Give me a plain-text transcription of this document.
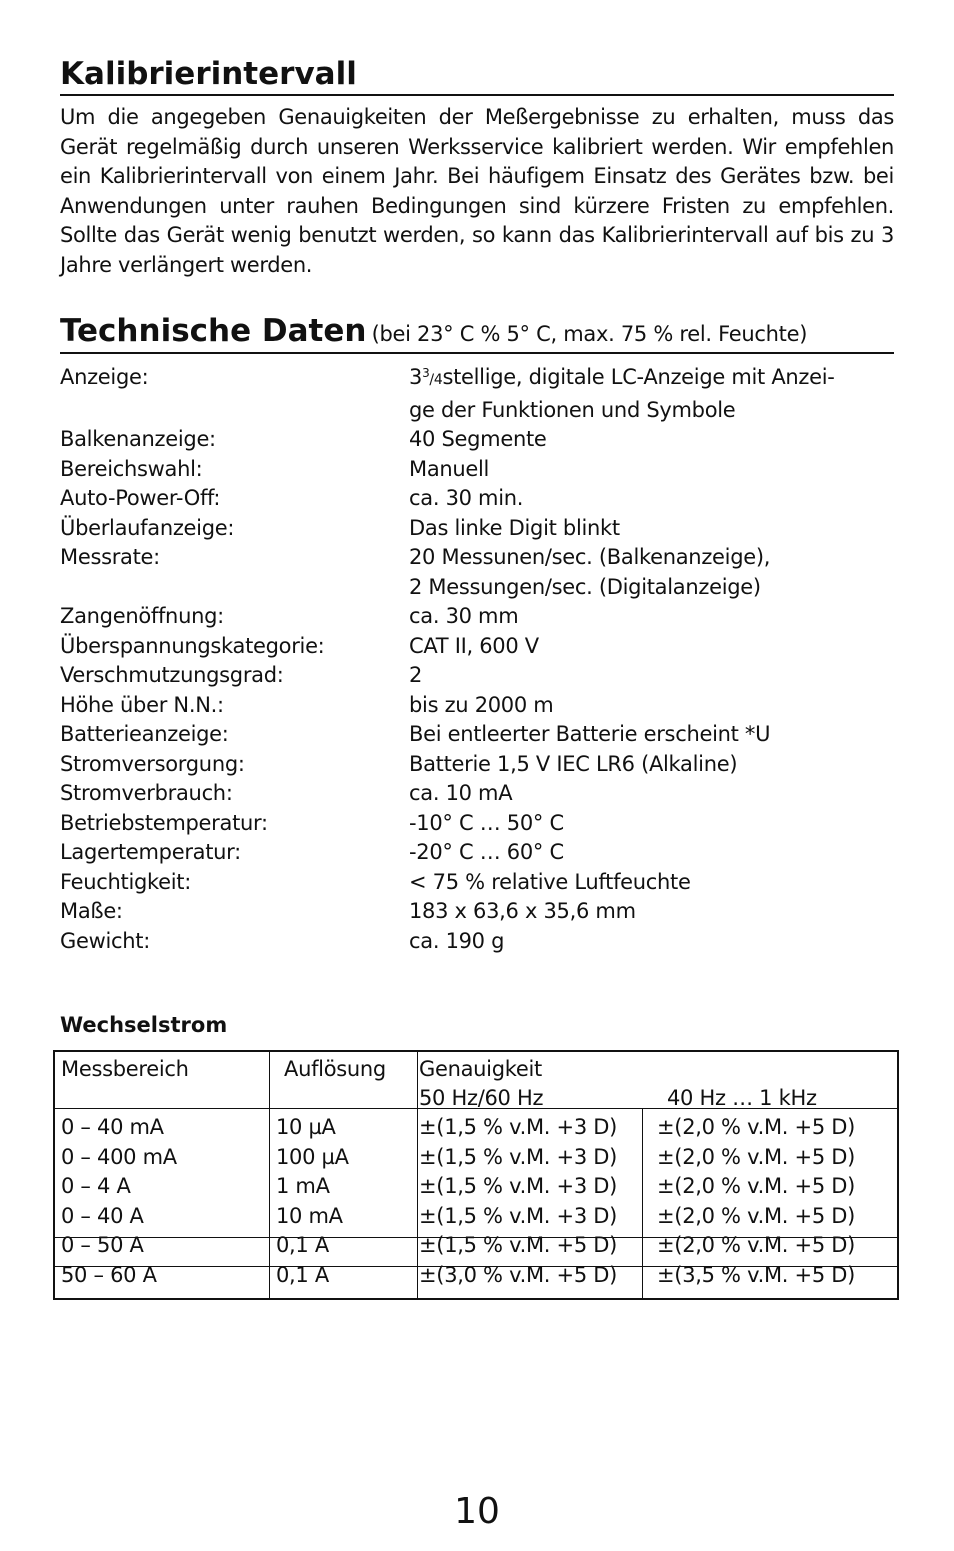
Kalibrierintervall
Um die angegeben Genauigkeiten der Meßergebnisse zu erhalten, muss das Gerät regelmäßig durch unseren Werksservice kalibriert werden. Wir empfehlen ein Kalibrierintervall von einem Jahr. Bei häufigem Einsatz des Gerätes bzw. bei Anwendungen unter rauhen Bedingungen sind kürzere Fristen zu empfehlen. Sollte das Gerät wenig benutzt werden, so kann das Kalibrierintervall auf bis zu 3 Jahre verlängert werden.
Technische Daten (bei 23° C % 5° C, max. 75 % rel. Feuchte)
Anzeige:	$3^3/4stellige$, digitale LC-Anzeige mit Anzei-
ge der Funktionen und Symbole
Balkenanzeige:	40 Segmente
Bereichswahl:	Manuell
Auto-Power-Off:	ca. 30 min.
Überlaufanzeige:	Das linke Digit blinkt
Messrate:	20 Messunen/sec. (Balkenanzeige),
2 Messungen/sec. (Digitalanzeige)
Zangenöffnung:	ca. 30 mm
Überspannungskategorie:	CAT II, 600 V
Verschmutzungsgrad:	2
Höhe über N.N.:	bis zu 2000 m
Batterieanzeige:	Bei entleerter Batterie erscheint *U
Stromversorgung:	Batterie 1,5 V IEC LR6 (Alkaline)
Stromverbrauch:	ca. 10 mA
Betriebstemperatur:	-10° C … 50° C
Lagertemperatur:	-20° C … 60° C
Feuchtigkeit:	< 75 % relative Luftfeuchte
Maße:	183 x 63,6 x 35,6 mm
Gewicht:	ca. 190 g
Wechselstrom
Messbereich	Auflösung Genauigkeit
50 Hz/60 Hz	40 Hz … 1 kHz
0 – 40 mA	10 µA	±(1,5 % v.M. +3 D) ±(2,0 % v.M. +5 D)
0 – 400 mA	100 µA	±(1,5 % v.M. +3 D) ±(2,0 % v.M. +5 D)
0 – 4 A	1 mA	±(1,5 % v.M. +3 D) ±(2,0 % v.M. +5 D)
0 – 40 A	10 mA	±(1,5 % v.M. +3 D) ±(2,0 % v.M. +5 D)
0 – 50 A	0,1 A	±(1,5 % v.M. +5 D) ±(2,0 % v.M. +5 D)
50 – 60 A	0,1 A	±(3,0 % v.M. +5 D) ±(3,5 % v.M. +5 D)
10
